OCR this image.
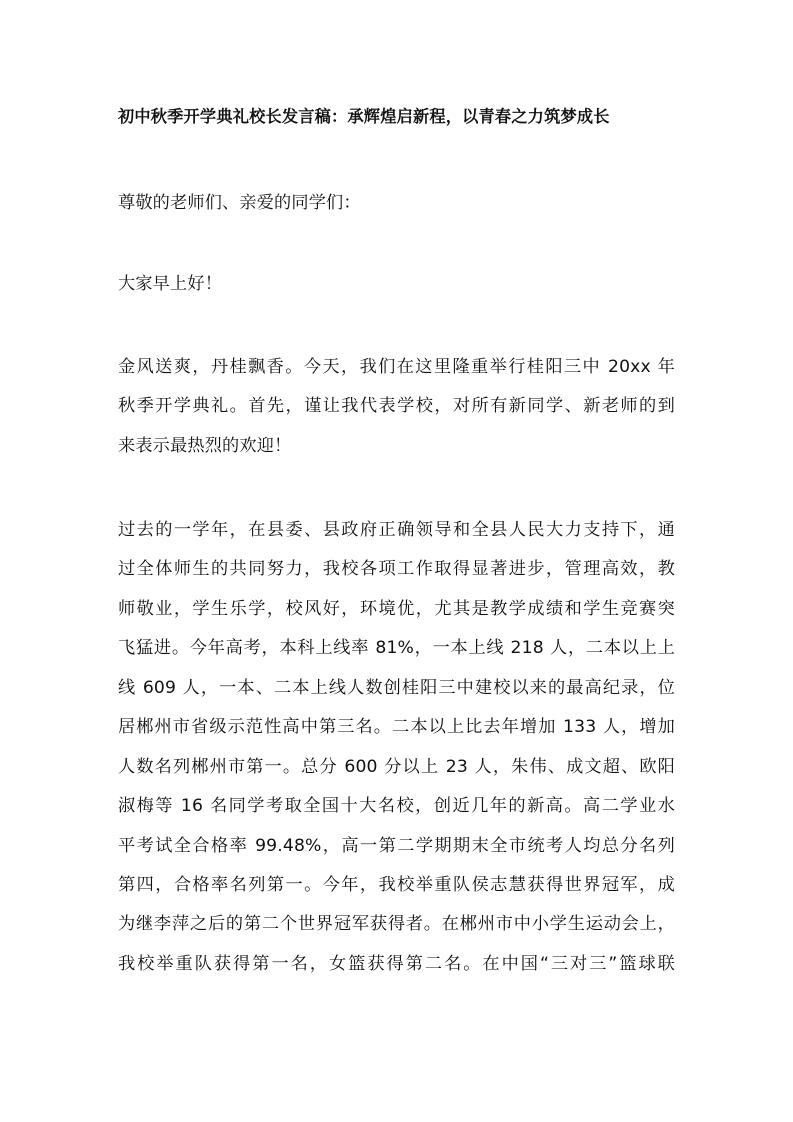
初中秋季开学典礼校长发言稿：承辉煌启新程，以青春之力筑梦成长
尊敬的老师们、亲爱的同学们：
大家早上好！
金风送爽，丹桂飘香。今天，我们在这里隆重举行桂阳三中 20xx 年
秋季开学典礼。首先，谨让我代表学校，对所有新同学、新老师的到
来表示最热烈的欢迎！
过去的一学年，在县委、县政府正确领导和全县人民大力支持下，通
过全体师生的共同努力，我校各项工作取得显著进步，管理高效，教
师敬业，学生乐学，校风好，环境优，尤其是教学成绩和学生竞赛突
飞猛进。今年高考，本科上线率 81%，一本上线 218 人，二本以上上
线 609 人，一本、二本上线人数创桂阳三中建校以来的最高纪录，位
居郴州市省级示范性高中第三名。二本以上比去年增加 133 人，增加
人数名列郴州市第一。总分 600 分以上 23 人，朱伟、成文超、欧阳
淑梅等 16 名同学考取全国十大名校，创近几年的新高。高二学业水
平考试全合格率 99.48%，高一第二学期期末全市统考人均总分名列
第四，合格率名列第一。今年，我校举重队侯志慧获得世界冠军，成
为继李萍之后的第二个世界冠军获得者。在郴州市中小学生运动会上，
我校举重队获得第一名，女篮获得第二名。在中国“三对三”篮球联
